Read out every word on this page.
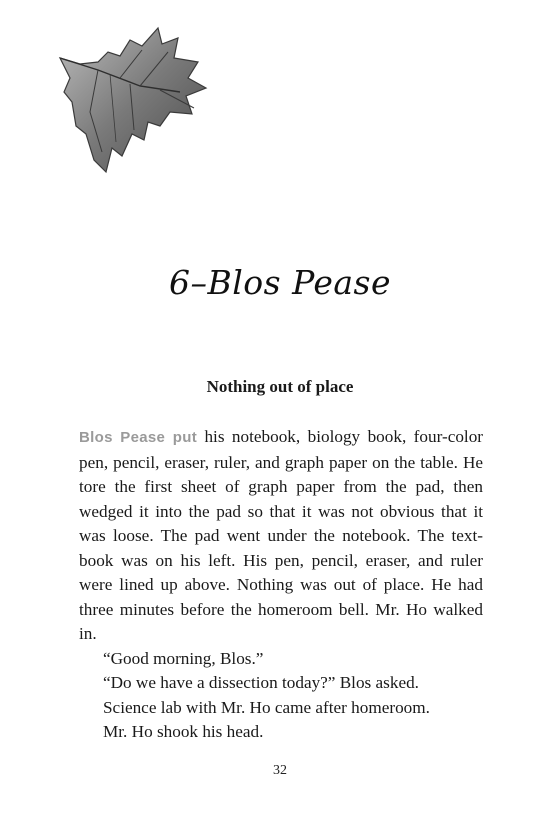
6–Blos Pease
Nothing out of place

Blos Pease put his notebook, biology book, four-color pen, pencil, eraser, ruler, and graph paper on the table. He tore the first sheet of graph paper from the pad, then wedged it into the pad so that it was not obvious that it was loose. The pad went under the notebook. The text-book was on his left. His pen, pencil, eraser, and ruler were lined up above. Nothing was out of place. He had three minutes before the homeroom bell. Mr. Ho walked in.

“Good morning, Blos.”

“Do we have a dissection today?” Blos asked.

Science lab with Mr. Ho came after homeroom.

Mr. Ho shook his head.

32
